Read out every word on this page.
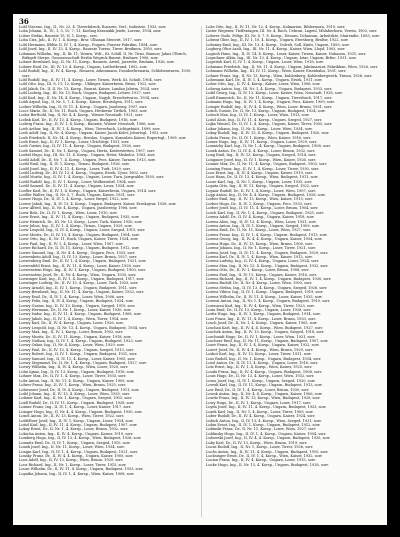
36

Lobl Vincenz, Ing., II., Nr. 22, 4. Tiererfabeck, Rosaren, Verl., Industrie, 1933, sorr.

Loba Johann, II., IV., 1, 5, 10, 7, 11, Koeling Keramikk Jeiefe, Lorenz, 1934, zusr.

Lobuv Stefan, Baurate 15, N. 1, Korsp., serr.

Loba Cira, Jnb., II, IV. 1. 4, Korsp., Brsr. Ulhanan Stenvirt, 1917, sorr.

Lobl Hermann, Iffdtir, II, IV. 1, 4, Korsp., Fugarn, Frasser Fabrikin, 1894, sorr.

Lobl Josef, Ing., II, IV. 13, 4. Korsp., Baurate Tuerss, Tirrer, Breiknen, 1950, sorr.

Lobmann Wilhelm, Ing., II, Ilr. 11, Verarn, Wdt., Kt. Schill, II, Nr. Tirns, Bunnov, Jahnz Ulbrich, Birkgelt Sterpe, Genossenschaft Herlin Wegrick Baurat, Bruhner, 1906, sorr.

Lobner Bernhard, Ing., II, Nr. 11, Korsp., Baurate, Arriel, Jarerebe, Bruhnin, 1926, sorr.

Lobner Emil, Dr., III, IV. 13, 4. Korsp., Ungarn, Leitlertbrand, 1892, sorr.

Lobl Rudolf, Ing., II, IV. 4, Korsp., Rosaren, Arkenmann, Dosuherbrenaria, Schlobenwaren, 1939, sorr.

Lobl Rudolf, Ing., II, IV. 11, 4. Korsp., Loser, Tirnen, Werk, Kt. Schult, 1904, sorr.

Lobl Otto, Ing., III. 8, 11, 12, Korsp., Uhlinger, Kaiserbrein, Brisis, 1922, sorr.

Lobl Jakob, Dr., II, II. Nr. 13, Korsp., Baurat, Kaiser, Landau Jabrim, 1924, sorr.

Lobl Ludwig, Ing., III. Nr. 13, Ruch, Ungarn, Budapest, Lehrer, 1927, sorr.

Lobl Karl, Ing., II, Nr. 14, 4. Korsp., Ungarn, Nagyb, Erzsebetvaros, 1934, sorr.

Lobb Arpad, Ing., II, Nr. 5, 7, 4. Korsp., Kaiser, Brrutslgen, 1911, sorr.

Lodzer Wilhelm, Ing., II, IV. 11, 4. Korsp., Ungarn, Jassberny, 1907, sorr.

Locci Mario, Dr., II, Nr. 11, Ruch, Ungarn, Heckerne Tirtlich, 1903, sorr.

Lodor Berthold, Ing., II, Nr. 4, 4. Korsp., Wiener Neustadt, 1921, sorr.

Lodisk Karl, Dr., II, IV. 13, 4. Korsp., Ungarn, Budapest, 1916, sorr.

Lodwig Franz, Ing., II, IV. 1, 4, Korsp., Baurate, Wiener Neustadt, 1906, sorr.

Loeb Arthur, Ing., II, IV. 1, 4, Korsp., Wien, Tiererbach, Lichtgebnitt, 1899, sorr.

Loeb Adolf, Ing., II, Nr. 4, Korsp., Ungarn, Kaiser, Jacob Keler, Jeburtsgl., 1953, sorr.

Loeb Friedrich, II, Nr. 14, 4. Korsp., Breslau, Ungarn, Konsulats Kaiser, Rupertsgl., 1909, sorr.

Loeb Ernst, Ing., II, IV. 1, Korsp., Loser, Ulrtchlegr, 1931, sorr.

Loeb Gustav, Ing., II, IV. 11, 4. Korsp., Ungarn, Budapest, 1926, sorr.

Loeb Samuel, Dr., II, Nr. 1, Korsp., Ungarn, Herta, Keiderstetten, 1907, sorr.

Loebel Hugo, Ing., III, Nr. 11, 4. Korsp., Ungarn, Heter, Miskolcz, 1903, sorr.

Loebl Adolf, Dr., II, Nr. 7, 4. Korsp., Ungarn, Pecs, Kaiser, Tarnow, 1913, sorr.

Loebl Emil, Ing., II, IV. 1, Korsp., Tirnau, Budapest, 1926, sorr.

Loebl Josef, Ing., II, IV. 4, 11, 4. Korsp., Loser, Turk, 1929, sorr.

Loebl Ludwig, Dr., III, IV. 13, 4. Korsp., Ungarn, Ersek, Ujvar, 1902, sorr.

Loebl Moritz, Ing., II, IV. 1, 4, Korsp., Ungarn, Loser, Turn, Jarrgrabbr, 1930, sorr.

Loebl Rudolf, Ing., II, IV. 1, Korsp., Loser, Wolkersdorf, 1904, sorr.

Loebl Samuel, Dr., II, IV. 11, 4. Korsp., Ungarn, Loser, 1934, sorr.

Loefler Karl, Dr., II, IV. 1, 4, Korsp., Ungarn, Kaiserbrein, Ungarn, 1914, sorr.

Loefler Walter, Ing., II, Nr. 5, 7, Ruch, Ungarn, Kaiser, 1931, sorr.

Loeser Hugo, Dr., II, IV. 1, 4, Korsp., Loser, Brrgel, 1922, sorr.

Loeser Jakob, Ing., II, IV. 13, 4. Korsp., Ungarn, Budapest, Kaiser, Ersekujvar, 1928, sorr.

Loew Alfred, Ing., II, Nr. 4, Korsp., Ungarn, Jaszbereny, 1906, sorr.

Loew Bela, Dr., II, IV. 1, Korsp., Wien, Loser, 1910, sorr.

Loew Ernst, Ing., II, IV. 11, 4. Korsp., Ungarn, Budapest, 1935, sorr.

Loew Heinrich, Dr., III, Nr. 13, Korsp., Loser, Turk, Kaiser, 1930, sorr.

Loew Julius, Ing., II, IV. 1, 4, Korsp., Tirnau, Ungarn, 1929, sorr.

Loew Leopold, Ing., II, IV. 4, Korsp., Ungarn, Loser, Szeged, 1915, sorr.

Loew Moritz, Dr., II, IV. 13, 4. Korsp., Ungarn, Budapest, 1904, sorr.

Loew Otto, Ing., II, Nr. 11, Ruch, Ungarn, Kaiser, Tirrer, 1924, sorr.

Loew Paul, Ing., II, IV. 1, 4, Korsp., Loser, Wien, 1907, sorr.

Loewe Richard, Dr., II, IV. 11, Korsp., Ungarn, Budapest, 1912, sorr.

Loewe Samuel, Ing., II, Nr. 4, 4. Korsp., Ungarn, Pecs, 1933, sorr.

Loewenbein Adolf, Ing., II, IV. 13, Korsp., Loser, Brunn, 1927, sorr.

Loewenberg Emil, Dr., II, IV. 1, 4, Korsp., Ungarn, Budapest, 1921, sorr.

Loewenfeld Ernst, Ing., II, IV. 11, 4. Korsp., Loser, Kaiser, 1928, sorr.

Loewenstein Hugo, Ing., II, IV. 1, Korsp., Ungarn, Budapest, 1900, sorr.

Loewenstein Josef, Dr., II, Nr. 4, Korsp., Wien, Ungarn, 1935, sorr.

Loewinger Karl, Ing., II, IV. 1, 4, Korsp., Ungarn, Budapest, 1917, sorr.

Loewinger Ludwig, Dr., II, IV. 13, 4. Korsp., Loser, Turk, 1925, sorr.

Loewy Arnold, Ing., II, IV. 1, Korsp., Ungarn, Budapest, 1911, sorr.

Loewy Bernhard, Ing., II, Nr. 11, 4. Korsp., Ungarn, Kaiser, 1932, sorr.

Loewy Emil, Dr., II, IV. 1, 4, Korsp., Loser, Wien, 1906, sorr.

Loewy Felix, Ing., II, IV. 4, Korsp., Ungarn, Budapest, 1924, sorr.

Loewy Gustav, Ing., II, IV. 13, Korsp., Ungarn, Szeged, 1919, sorr.

Loewy Hermann, Dr., II, Nr. 1, Korsp., Loser, Kaiser, 1930, sorr.

Loewy Isidor, Ing., II, IV. 11, 4. Korsp., Ungarn, Budapest, 1908, sorr.

Loewy Jakob, Ing., II, IV. 1, 4, Korsp., Wien, Tirrer, 1914, sorr.

Loewy Karl, Dr., II, IV. 4, Korsp., Ungarn, Loser, 1926, sorr.

Loewy Leopold, Ing., II, Nr. 13, 4. Korsp., Ungarn, Budapest, 1934, sorr.

Loewy Max, Ing., II, IV. 1, Korsp., Loser, Brunn, 1902, sorr.

Loewy Moritz, Dr., II, IV. 11, Korsp., Ungarn, Kaiser, 1918, sorr.

Loewy Nathan, Ing., II, IV. 1, 4, Korsp., Ungarn, Budapest, 1923, sorr.

Loewy Oskar, Ing., II, Nr. 4, Korsp., Loser, Wien, 1929, sorr.

Loewy Paul, Dr., II, IV. 13, 4. Korsp., Ungarn, Szeged, 1913, sorr.

Loewy Robert, Ing., II, IV. 1, Korsp., Ungarn, Budapest, 1931, sorr.

Loewy Samuel, Ing., II, IV. 11, 4. Korsp., Loser, Kaiser, 1905, sorr.

Loewy Siegmund, Dr., II, Nr. 1, 4, Korsp., Ungarn, Budapest, 1927, sorr.

Loewy Wilhelm, Ing., II, IV. 4, Korsp., Wien, Loser, 1920, sorr.

Lohn Ignaz, Ing., II, IV. 13, Korsp., Ungarn, Budapest, 1916, sorr.

Lohner Max, Dr., II, IV. 1, 4, Korsp., Loser, Tirrer, 1933, sorr.

Lohr Anton, Ing., II, Nr. 11, 4. Korsp., Ungarn, Kaiser, 1909, sorr.

Lohrer Franz, Ing., II, IV. 1, Korsp., Wien, Brunn, 1925, sorr.

Lohwasser Josef, Dr., II, IV. 4, Korsp., Ungarn, Budapest, 1911, sorr.

Loibl Johann, Ing., II, IV. 13, 4. Korsp., Loser, Wien, 1935, sorr.

Loibner Karl, Ing., II, Nr. 1, Korsp., Ungarn, Szeged, 1903, sorr.

Loidl Rudolf, Dr., II, IV. 11, Korsp., Ungarn, Budapest, 1928, sorr.

Loimer Franz, Ing., II, IV. 1, 4, Korsp., Loser, Kaiser, 1917, sorr.

Loinger Hugo, Ing., II, Nr. 4, 4. Korsp., Ungarn, Budapest, 1930, sorr.

Loisel Anton, Dr., II, IV. 13, Korsp., Wien, Tirrer, 1922, sorr.

Loitfellner Josef, Ing., II, IV. 1, Korsp., Ungarn, Loser, 1914, sorr.

Loitzl Karl, Ing., II, IV. 11, 4. Korsp., Ungarn, Budapest, 1907, sorr.

Lokay Ernst, Dr., II, Nr. 1, 4, Korsp., Loser, Brunn, 1932, sorr.

Lokscha Anton, Ing., II, IV. 4, Korsp., Ungarn, Kaiser, 1919, sorr.

Lomberg Hugo, Ing., II, IV. 13, 4. Korsp., Wien, Budapest, 1926, sorr.

Lomnitz Emil, Dr., II, IV. 1, Korsp., Ungarn, Szeged, 1910, sorr.

Lonek Josef, Ing., II, Nr. 11, Korsp., Loser, Wien, 1934, sorr.

Longin Karl, Ing., II, IV. 1, 4, Korsp., Ungarn, Budapest, 1921, sorr.

Lonsky Franz, Dr., II, IV. 4, 4. Korsp., Ungarn, Kaiser, 1905, sorr.

Loos Adolf, Ing., II, IV. 13, Korsp., Wien, Brunn, 1929, sorr.

Loos Richard, Ing., II, Nr. 1, Korsp., Loser, Tirrer, 1915, sorr.

Loose Wilhelm, Dr., II, IV. 11, 4. Korsp., Ungarn, Budapest, 1933, sorr.

Lopatka Johann, Ing., II, IV. 1, 4, Korsp., Wien, Kaiser, 1908, sorr.

Lobs Otto, Ing., II, IV. 11, Nr. 12, 4. Korsp., Kolmarion, Rihlermorn, 1910, sorr.

Linter Wegener, Tieffentagen, III. Nr. 4, Ruch, Uebrun, Lagenl, Mhlaherhorn, Verein, 1903, sorr.

Lobwer Gudo, Feltgr, III. Nr. 8, 7. 8. Korsp., Deuarn, Dchausan, Arbeitskte, Mairendie, 1893, sorr.

Lobrint Glier, Ing., II, IV. 1, 10, 4. Korsp., Ungarn, Etersburg, Brnltsr, 1922, sorr.

Lobonny Emil, Ing., III. Nr. 13, 4. Korsp., Unlveb, Soll, Kinfu, Ungarn, 1893, sorr.

Logberg Oltor Aralt, Ing., III. Nr. 11, 4. Korsp., Kaiser, Wien, Lloyd, 1903, sorr.

Logisch Hans, Ing., II, IV. 14, 4. Korsp., Loser, Kaiser, Tirnen, Kaiser, Nuhanen, 1931, sorr.

Logschner Albin, Ing., III. Nr. 13, 4. Korsp., Ungarn, Iztar, Ungarn, Brfne, 1931, sorr.

Logwitsh Karl, II, IV. 1, 4, Korsp., Ungarn, Loser, Wien, 1918, sorr.

Lohmann Friedrich, Ing., II, Nr. 11, 4. Korsp., Ungarn, Jabrimarunt, Fabrikbun, Wien, 1926, sorr.

Lohmann Wilhelm, Ing., III, IV. 11, Korsp., Wien, Kaiser, Eisenbahn, 1931, sorr.

Lohner Franz, Ing., II, Nr. 13, Korsp., Wien, Kuhlenberg, Kohlenbergwerk, Tirnau, 1926, sorr.

Lohrmann Karl, Dr., II, IV. 1, 4, Korsp., Ungarn, Ersek, 1911, sorr.

Lohse Otto, Ing., II, IV. 4, Korsp., Kaiser, Loser, Wien, 1906, sorr.

Lohwag Anton, Ing., III. Nr. 1, 4. Korsp., Ungarn, Budapest, 1933, sorr.

Loibl Georg, Ing., II, IV. 13, Korsp., Loser, Kaiser, Wien, Neustadt, 1928, sorr.

Loidl Emmerich, Dr., II, Nr. 11, Korsp., Ungarn, Tiererbach, 1917, sorr.

Loimann Hugo, Ing., II, IV. 1, 4, Korsp., Ungarn, Pecs, Kaiser, 1909, sorr.

Loinger Rudolf, Ing., II, IV. 4, 4. Korsp., Wien, Loser, Brunn, 1931, sorr.

Loisch Gustav, Dr., II, Nr. 13, Korsp., Ungarn, Budapest, 1924, sorr.

Loitsch Max, Ing., II, IV. 1, Korsp., Loser, Wien, 1913, sorr.

Loitzl Alois, Ing., II, IV. 11, 4. Korsp., Ungarn, Szeged, 1927, sorr.

Lojka Wenzel, Dr., II, IV. 1, 4, Korsp., Ungarn, Kaiser, Tirrer, 1905, sorr.

Lokar Johann, Ing., II, Nr. 4, Korsp., Loser, Wien, 1934, sorr.

Lokay Rudolf, Ing., II, IV. 13, 4. Korsp., Ungarn, Budapest, 1920, sorr.

Lokota Franz, Dr., II, IV. 1, Korsp., Wien, Kaiser, 1916, sorr.

Lomer Hugo, Ing., II, IV. 11, Korsp., Ungarn, Loser, 1929, sorr.

Lomnicky Karl, Ing., II, Nr. 1, 4, Korsp., Ungarn, Budapest, 1908, sorr.

Lonek Anton, Dr., II, IV. 4, 4. Korsp., Loser, Brunn, 1932, sorr.

Long Emil, Ing., II, IV. 13, Korsp., Ungarn, Szeged, 1914, sorr.

Longauer Josef, Ing., II, IV. 1, Korsp., Wien, Kaiser, 1926, sorr.

Lonner Max, Dr., II, Nr. 11, 4. Korsp., Ungarn, Budapest, 1903, sorr.

Lonsing Franz, Ing., II, IV. 1, 4, Korsp., Loser, Tirrer, 1930, sorr.

Loos Ernst, Ing., II, IV. 4, Korsp., Ungarn, Kaiser, 1919, sorr.

Loos Hans, Dr., II, IV. 13, 4. Korsp., Wien, Budapest, 1911, sorr.

Loose Karl, Ing., II, Nr. 1, Korsp., Ungarn, Loser, 1935, sorr.

Lopata Otto, Ing., II, IV. 11, Korsp., Ungarn, Szeged, 1922, sorr.

Lopaur Rudolf, Dr., II, IV. 1, 4, Korsp., Loser, Wien, 1907, sorr.

Lopp Anton, Ing., II, Nr. 4, 4. Korsp., Ungarn, Budapest, 1928, sorr.

Lorber Emil, Ing., II, IV. 13, Korsp., Wien, Kaiser, 1915, sorr.

Lorber Hugo, Dr., II, IV. 1, Korsp., Ungarn, Pecs, 1933, sorr.

Lorber Josef, Ing., II, IV. 11, 4. Korsp., Loser, Brunn, 1904, sorr.

Lorch Karl, Ing., II, Nr. 1, 4, Korsp., Ungarn, Budapest, 1925, sorr.

Lorenz Adolf, Dr., II, IV. 4, Korsp., Ungarn, Kaiser, 1918, sorr.

Lorenz Alois, Ing., II, IV. 13, 4. Korsp., Wien, Loser, 1931, sorr.

Lorenz Anton, Ing., II, IV. 1, Korsp., Ungarn, Szeged, 1909, sorr.

Lorenz Emil, Dr., II, Nr. 11, Korsp., Loser, Wien, 1927, sorr.

Lorenz Franz, Ing., II, IV. 1, 4, Korsp., Ungarn, Budapest, 1913, sorr.

Lorenz Georg, Ing., II, IV. 4, 4. Korsp., Ungarn, Kaiser, 1934, sorr.

Lorenz Hugo, Dr., II, IV. 13, Korsp., Wien, Brunn, 1906, sorr.

Lorenz Johann, Ing., II, Nr. 1, Korsp., Loser, Tirrer, 1921, sorr.

Lorenz Josef, Ing., II, IV. 11, 4. Korsp., Ungarn, Budapest, 1929, sorr.

Lorenz Karl, Dr., II, IV. 1, 4, Korsp., Wien, Kaiser, 1912, sorr.

Lorenz Ludwig, Ing., II, IV. 4, Korsp., Ungarn, Loser, 1924, sorr.

Lorenz Max, Ing., II, Nr. 13, 4. Korsp., Ungarn, Budapest, 1932, sorr.

Lorenz Otto, Dr., II, IV. 1, Korsp., Loser, Brunn, 1908, sorr.

Lorenz Paul, Ing., II, IV. 11, Korsp., Ungarn, Kaiser, 1916, sorr.

Lorenz Richard, Ing., II, IV. 1, 4, Korsp., Ungarn, Budapest, 1930, sorr.

Lorenz Rudolf, Dr., II, Nr. 4, Korsp., Loser, Wien, 1903, sorr.

Lorenz Stefan, Ing., II, IV. 13, 4. Korsp., Ungarn, Szeged, 1926, sorr.

Lorenz Viktor, Ing., II, IV. 1, Korsp., Ungarn, Budapest, 1919, sorr.

Lorenz Wilhelm, Dr., II, IV. 11, 4. Korsp., Loser, Kaiser, 1935, sorr.

Lorenzi Anton, Ing., II, Nr. 1, 4, Korsp., Ungarn, Budapest, 1910, sorr.

Lorenzoni Karl, Ing., II, IV. 4, Korsp., Wien, Tirrer, 1923, sorr.

Loria Emil, Dr., II, IV. 13, Korsp., Ungarn, Loser, 1928, sorr.

Loritz Hugo, Ing., II, IV. 1, Korsp., Ungarn, Budapest, 1914, sorr.

Lorz Franz, Ing., II, IV. 11, 4. Korsp., Loser, Brunn, 1933, sorr.

Losch Josef, Dr., II, Nr. 1, 4, Korsp., Ungarn, Kaiser, 1905, sorr.

Loschan Karl, Ing., II, IV. 4, 4. Korsp., Wien, Budapest, 1927, sorr.

Loschek Anton, Ing., II, IV. 13, Korsp., Ungarn, Szeged, 1918, sorr.

Loschmidt Hugo, Dr., II, IV. 1, Korsp., Loser, Wien, 1931, sorr.

Loschner Emil, Ing., II, Nr. 11, Korsp., Ungarn, Budapest, 1907, sorr.

Loser Franz, Ing., II, IV. 1, 4, Korsp., Ungarn, Kaiser, 1922, sorr.

Losert Josef, Dr., II, IV. 4, 4. Korsp., Wien, Brunn, 1929, sorr.

Loskot Karl, Ing., II, IV. 13, Korsp., Loser, Tirrer, 1911, sorr.

Loss Rudolf, Ing., II, Nr. 1, Korsp., Ungarn, Budapest, 1934, sorr.

Lossl Anton, Dr., II, IV. 11, 4. Korsp., Ungarn, Loser, 1916, sorr.

Lotz Ernst, Ing., II, IV. 1, 4, Korsp., Wien, Kaiser, 1925, sorr.

Louda Franz, Ing., II, IV. 4, Korsp., Ungarn, Budapest, 1908, sorr.

Louis Hugo, Dr., II, Nr. 13, 4. Korsp., Loser, Wien, 1932, sorr.

Lovas Josef, Ing., II, IV. 1, Korsp., Ungarn, Szeged, 1920, sorr.

Lovrek Karl, Ing., II, IV. 11, Korsp., Ungarn, Budapest, 1913, sorr.

Low Emil, Dr., II, IV. 1, 4, Korsp., Loser, Brunn, 1930, sorr.

Lowak Anton, Ing., II, Nr. 4, 4. Korsp., Ungarn, Kaiser, 1906, sorr.

Lowitz Franz, Ing., II, IV. 13, Korsp., Wien, Budapest, 1928, sorr.

Lowy Hugo, Dr., II, IV. 1, Korsp., Ungarn, Loser, 1917, sorr.

Loyda Josef, Ing., II, IV. 11, 4. Korsp., Ungarn, Budapest, 1933, sorr.

Lozek Karl, Ing., II, Nr. 1, 4, Korsp., Loser, Tirrer, 1909, sorr.

Luber Rudolf, Dr., II, IV. 4, Korsp., Ungarn, Kaiser, 1924, sorr.

Lubich Anton, Ing., II, IV. 13, 4. Korsp., Wien, Szeged, 1931, sorr.

Lubin Ernst, Ing., II, IV. 1, Korsp., Ungarn, Budapest, 1912, sorr.

Lubinski Franz, Dr., II, Nr. 11, Korsp., Loser, Wien, 1927, sorr.

Lublinsky Hugo, Ing., II, IV. 1, 4, Korsp., Ungarn, Kaiser, 1904, sorr.

Lubowski Josef, Ing., II, IV. 4, 4. Korsp., Ungarn, Budapest, 1935, sorr.

Luby Karl, Dr., II, IV. 13, Korsp., Wien, Brunn, 1919, sorr.

Lucas Rudolf, Ing., II, Nr. 1, Korsp., Loser, Tirrer, 1926, sorr.

Luchs Anton, Ing., II, IV. 11, 4. Korsp., Ungarn, Budapest, 1910, sorr.

Luchsinger Ernst, Dr., II, IV. 1, 4, Korsp., Wien, Kaiser, 1932, sorr.

Lucian Franz, Ing., II, IV. 4, Korsp., Ungarn, Loser, 1915, sorr.

Lucke Hugo, Ing., II, Nr. 13, 4. Korsp., Ungarn, Budapest, 1928, sorr.
